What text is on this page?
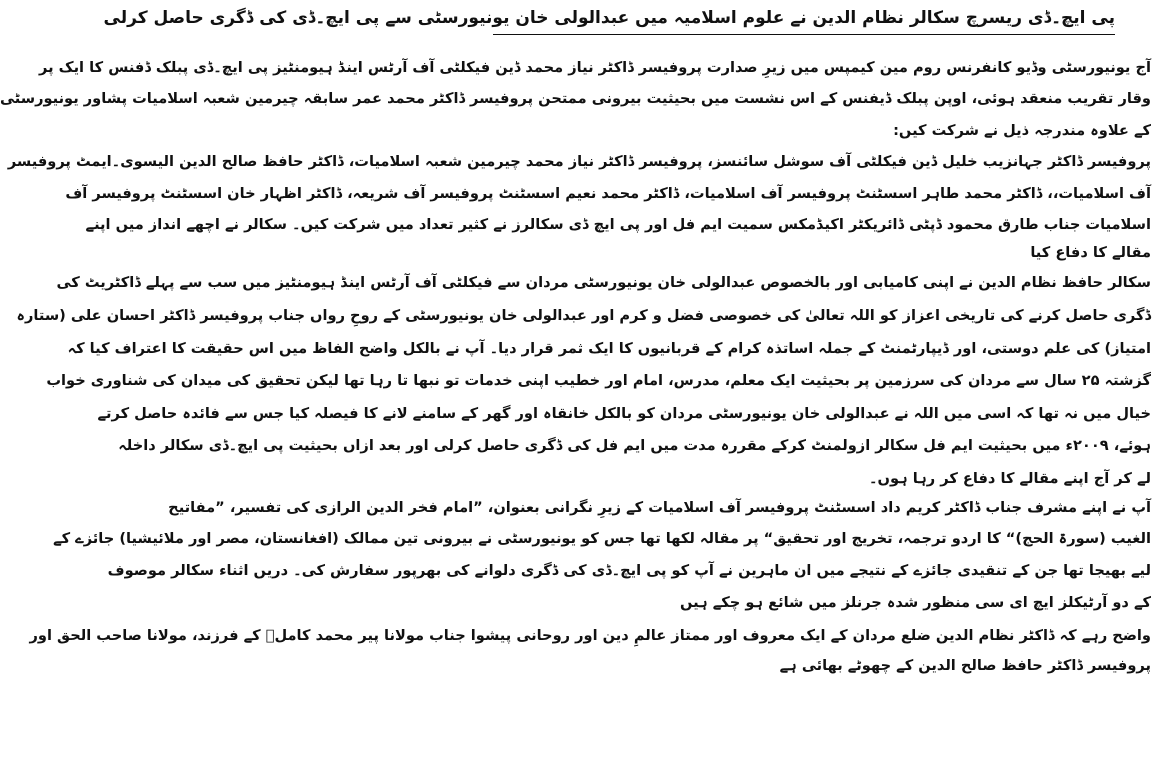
پی ایچ۔ڈی ریسرچ سکالر نظام الدین نے علوم اسلامیہ میں عبدالولی خان یونیورسٹی سے پی ایچ۔ڈی کی ڈگری حاصل کرلی
آج یونیورسٹی وڈیو کانفرنس روم مین کیمپس میں زیرِ صدارت پروفیسر ڈاکٹر نیاز محمد ڈین فیکلٹی آف آرٹس اینڈ ہیومنٹیز پی ایچ۔ڈی پبلک ڈفنس کا ایک پر
وقار تقریب منعقد ہوئی، اوپن پبلک ڈیفنس کے اس نشست میں بحیثیت بیرونی ممتحن پروفیسر ڈاکٹر محمد عمر سابقہ چیرمین شعبہ اسلامیات پشاور یونیورسٹی
کے علاوہ مندرجہ ذیل نے شرکت کیں:
پروفیسر ڈاکٹر جہانزیب خلیل ڈین فیکلٹی آف سوشل سائنسز، پروفیسر ڈاکٹر نیاز محمد چیرمین شعبہ اسلامیات، ڈاکٹر حافظ صالح الدین الیسوی۔ایمٹ پروفیسر
آف اسلامیات،، ڈاکٹر محمد طاہر اسسٹنٹ پروفیسر آف اسلامیات، ڈاکٹر محمد نعیم اسسٹنٹ پروفیسر آف شریعہ، ڈاکٹر اظہار خان اسسٹنٹ پروفیسر آف
اسلامیات جناب طارق محمود ڈپٹی ڈائریکٹر اکیڈمکس سمیت ایم فل اور پی ایچ ڈی سکالرز نے کثیر تعداد میں شرکت کیں۔ سکالر نے اچھے انداز میں اپنے
مقالے کا دفاع کیا
سکالر حافظ نظام الدین نے اپنی کامیابی اور بالخصوص عبدالولی خان یونیورسٹی مردان سے فیکلٹی آف آرٹس اینڈ ہیومنٹیز میں سب سے پہلے ڈاکٹریٹ کی
ڈگری حاصل کرنے کی تاریخی اعزاز کو اللہ تعالیٰ کی خصوصی فضل و کرم اور عبدالولی خان یونیورسٹی کے روحِ رواں جناب پروفیسر ڈاکٹر احسان علی (ستارہ
امتیاز) کی علم دوستی، اور ڈیپارٹمنٹ کے جملہ اساتذہ کرام کے قربانیوں کا ایک ثمر قرار دیا۔ آپ نے بالکل واضح الفاظ میں اس حقیقت کا اعتراف کیا کہ
گزشتہ ۲۵ سال سے مردان کی سرزمین پر بحیثیت ایک معلم، مدرس، امام اور خطیب اپنی خدمات تو نبھا تا رہا تھا لیکن تحقیق کی میدان کی شناوری خواب
خیال میں نہ تھا کہ اسی میں اللہ نے عبدالولی خان یونیورسٹی مردان کو بالکل خانقاہ اور گھر کے سامنے لانے کا فیصلہ کیا جس سے فائدہ حاصل کرتے
ہوئے، ۲۰۰۹ء میں بحیثیت ایم فل سکالر ازولمنٹ کرکے مقررہ مدت میں ایم فل کی ڈگری حاصل کرلی اور بعد ازاں بحیثیت پی ایچ۔ڈی سکالر داخلہ
لے کر آج اپنے مقالے کا دفاع کر رہا ہوں۔
آپ نے اپنے مشرف جناب ڈاکٹر کریم داد اسسٹنٹ پروفیسر آف اسلامیات کے زیرِ نگرانی بعنوان، ”امام فخر الدین الرازی کی تفسیر، ”مفاتیح
الغیب (سورۃ الحج)“ کا اردو ترجمہ، تخریج اور تحقیق“ پر مقالہ لکھا تھا جس کو یونیورسٹی نے بیرونی تین ممالک (افغانستان، مصر اور ملائیشیا) جائزے کے
لیے بھیجا تھا جن کے تنقیدی جائزے کے نتیجے میں ان ماہرین نے آپ کو پی ایچ۔ڈی کی ڈگری دلوانے کی بھرپور سفارش کی۔ دریں اثناء سکالر موصوف
کے دو آرٹیکلز ایچ ای سی منظور شدہ جرنلز میں شائع ہو چکے ہیں
واضح رہے کہ ڈاکٹر نظام الدین ضلع مردان کے ایک معروف اور ممتاز عالمِ دین اور روحانی پیشوا جناب مولانا پیر محمد کاملؒ کے فرزند، مولانا صاحب الحق اور
پروفیسر ڈاکٹر حافظ صالح الدین کے چھوٹے بھائی ہے
